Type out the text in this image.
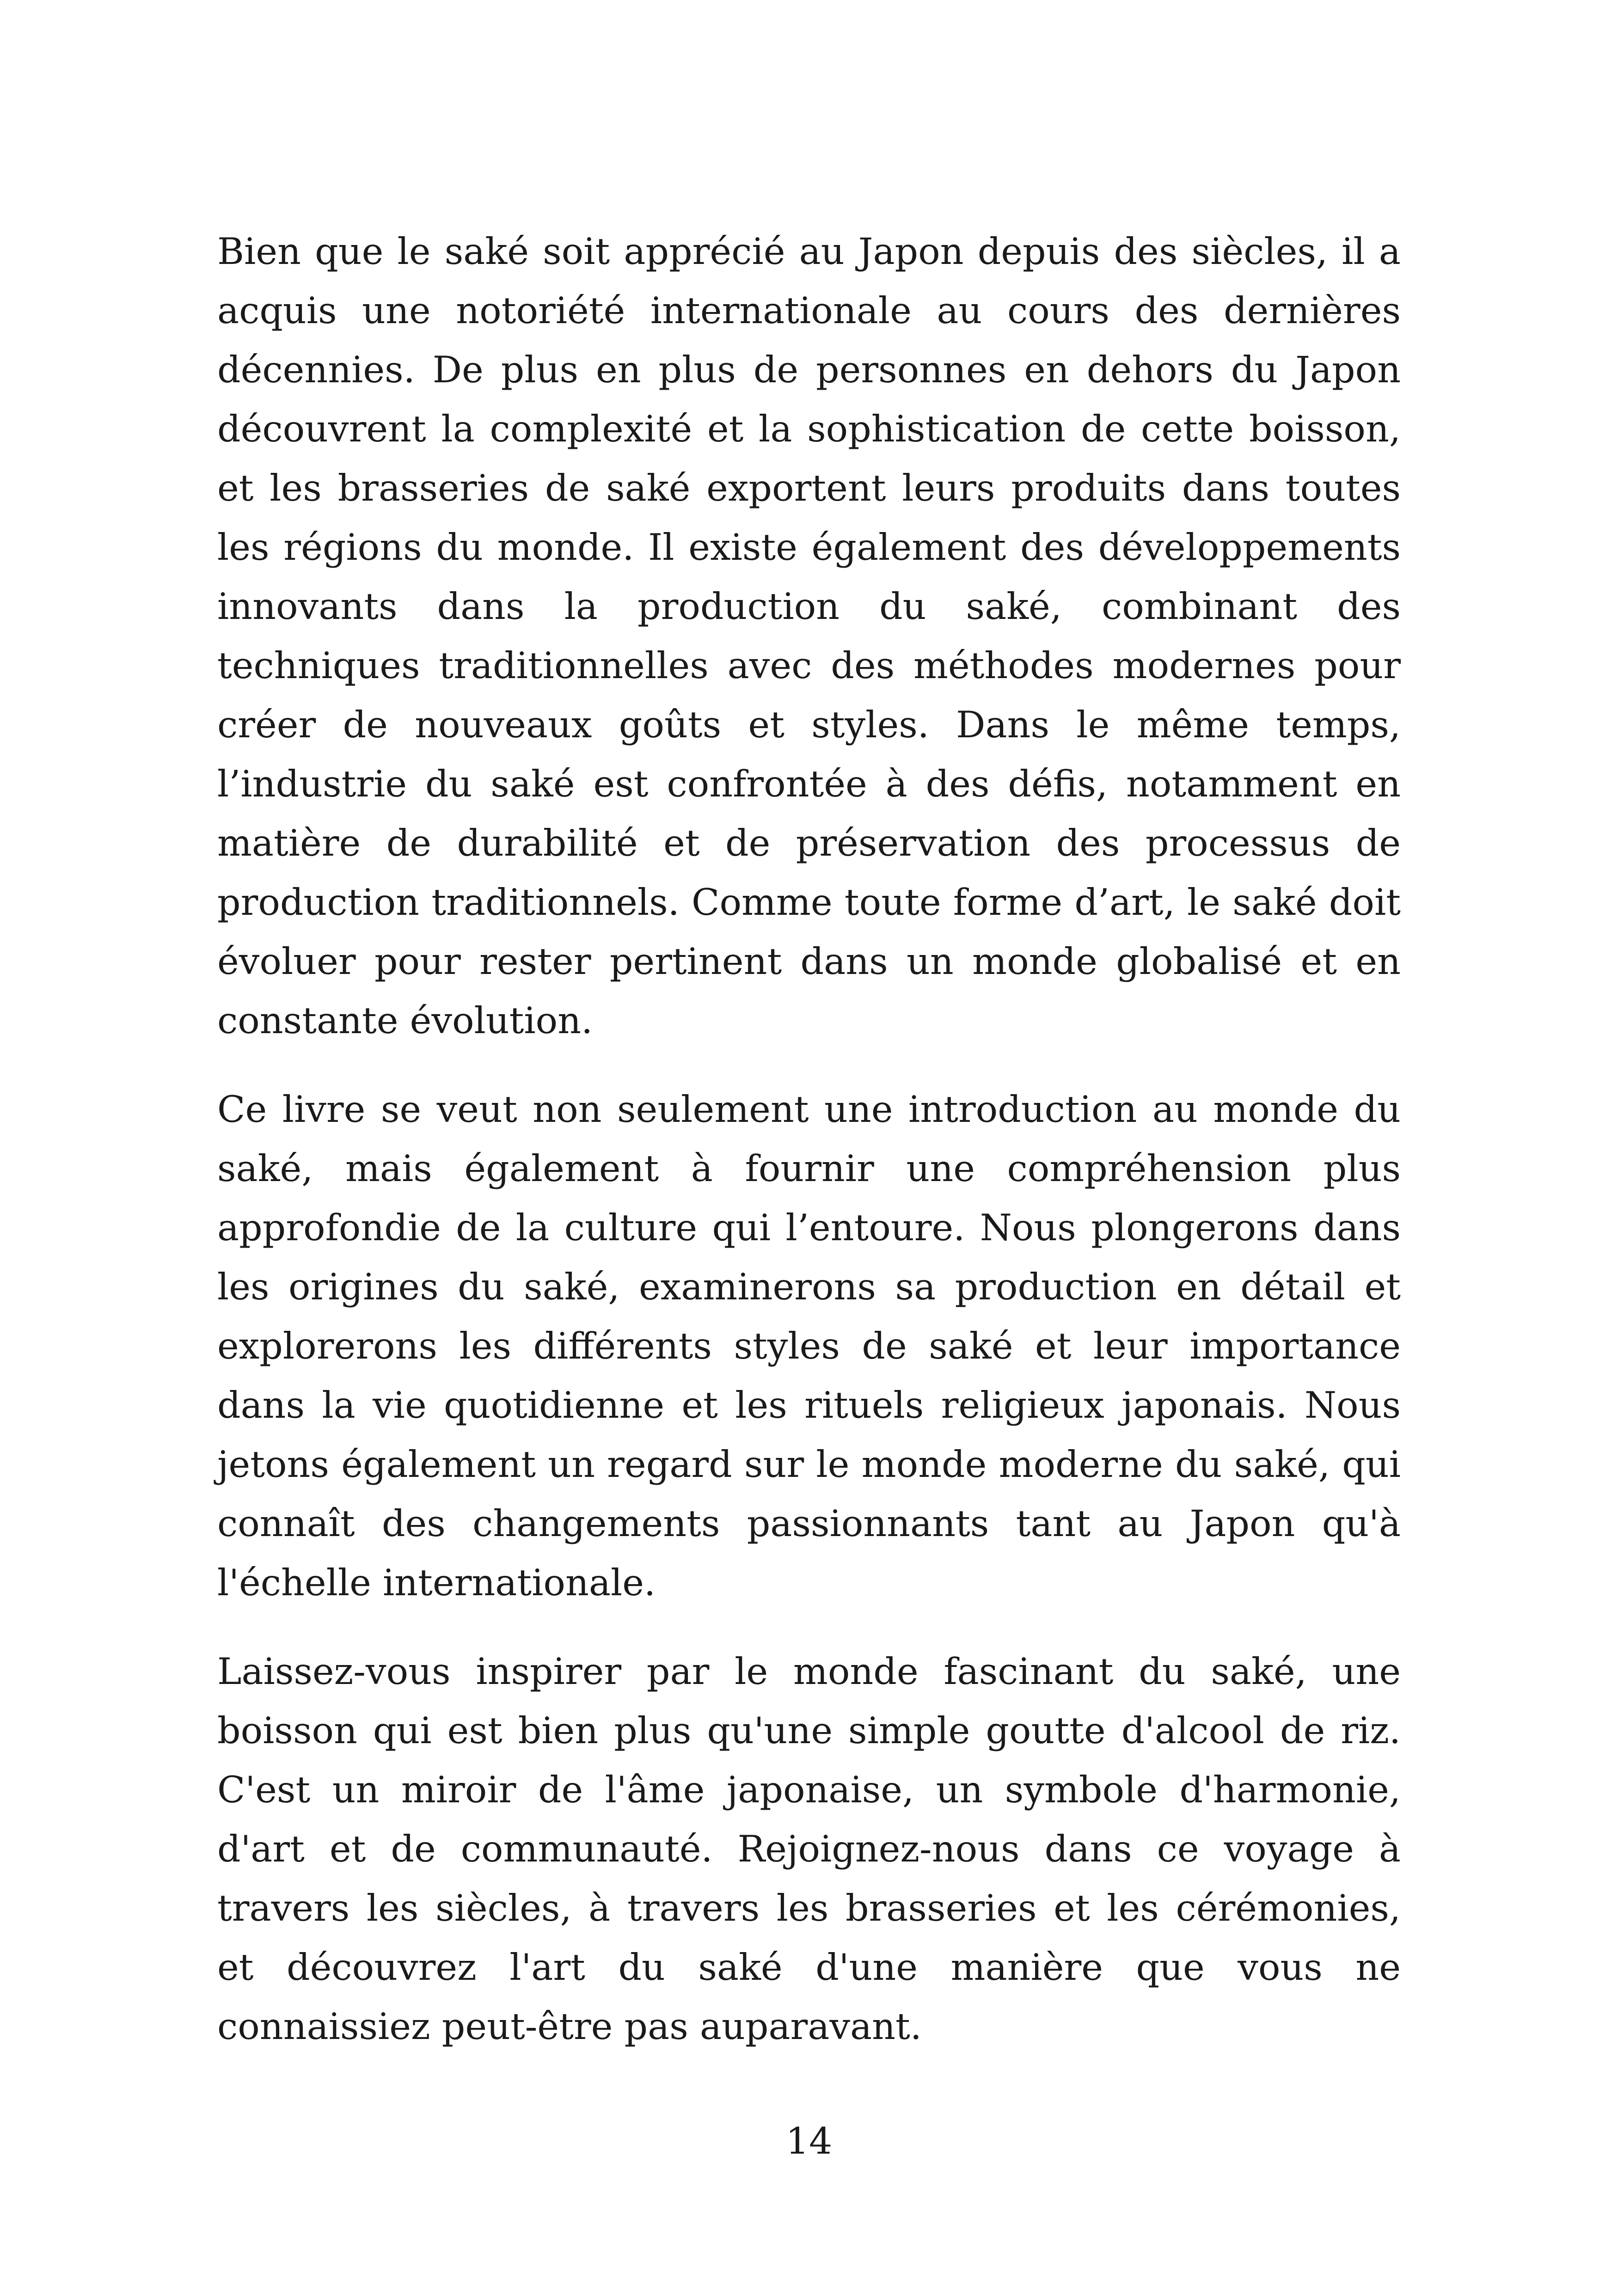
Bien que le saké soit apprécié au Japon depuis des siècles, il a acquis une notoriété internationale au cours des dernières décennies. De plus en plus de personnes en dehors du Japon découvrent la complexité et la sophistication de cette boisson, et les brasseries de saké exportent leurs produits dans toutes les régions du monde. Il existe également des développements innovants dans la production du saké, combinant des techniques traditionnelles avec des méthodes modernes pour créer de nouveaux goûts et styles. Dans le même temps, l’industrie du saké est confrontée à des défis, notamment en matière de durabilité et de préservation des processus de production traditionnels. Comme toute forme d’art, le saké doit évoluer pour rester pertinent dans un monde globalisé et en constante évolution.

Ce livre se veut non seulement une introduction au monde du saké, mais également à fournir une compréhension plus approfondie de la culture qui l’entoure. Nous plongerons dans les origines du saké, examinerons sa production en détail et explorerons les différents styles de saké et leur importance dans la vie quotidienne et les rituels religieux japonais. Nous jetons également un regard sur le monde moderne du saké, qui connaît des changements passionnants tant au Japon qu'à l'échelle internationale.

Laissez-vous inspirer par le monde fascinant du saké, une boisson qui est bien plus qu'une simple goutte d'alcool de riz. C'est un miroir de l'âme japonaise, un symbole d'harmonie, d'art et de communauté. Rejoignez-nous dans ce voyage à travers les siècles, à travers les brasseries et les cérémonies, et découvrez l'art du saké d'une manière que vous ne connaissiez peut-être pas auparavant.

14
